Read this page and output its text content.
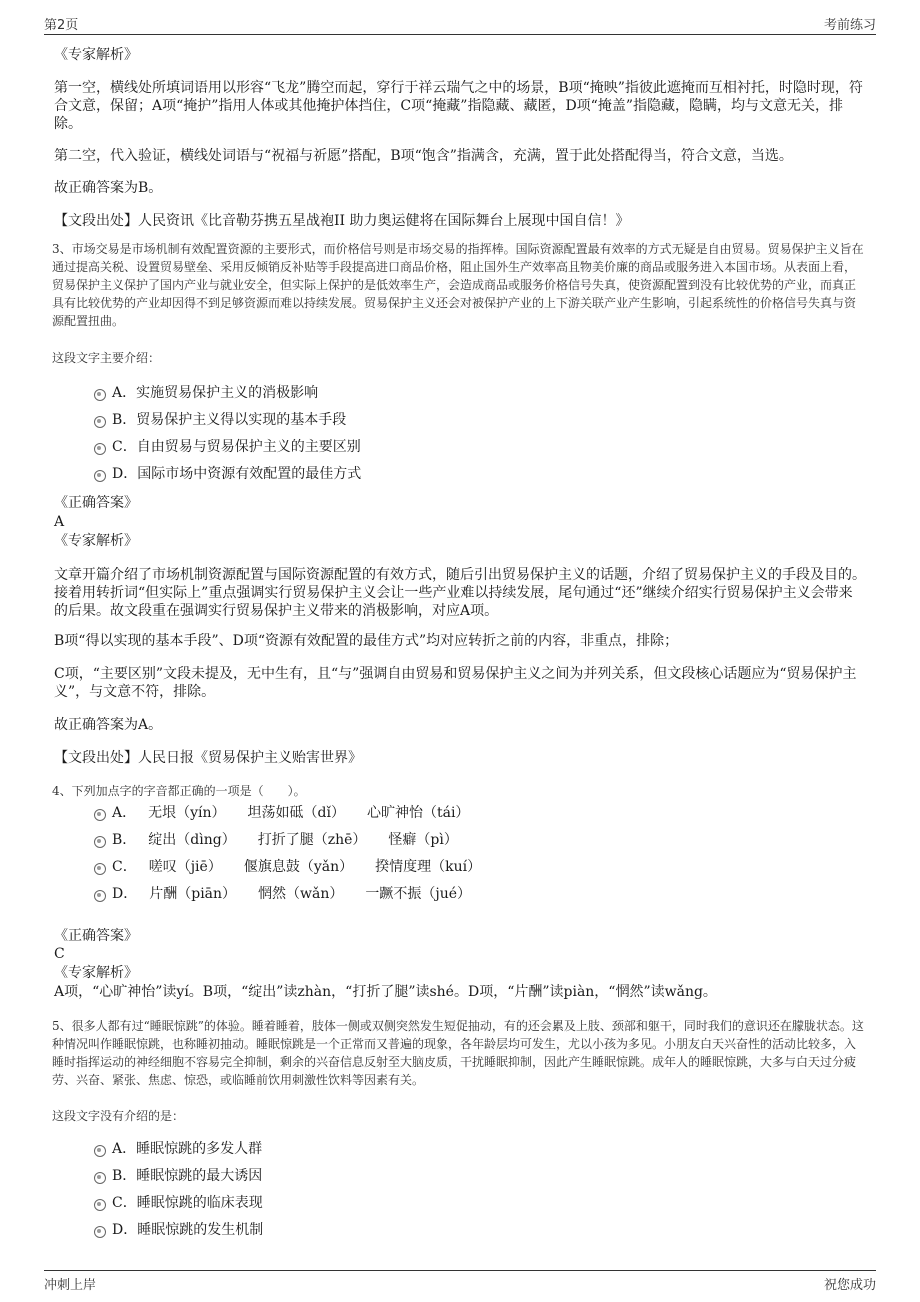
第2页	考前练习

《专家解析》

第一空，横线处所填词语用以形容“飞龙”腾空而起，穿行于祥云瑞气之中的场景，B项“掩映”指彼此遮掩而互相衬托，时隐时现，符合文意，保留；A项“掩护”指用人体或其他掩护体挡住，C项“掩藏”指隐藏、藏匿，D项“掩盖”指隐藏，隐瞒，均与文意无关，排除。

第二空，代入验证，横线处词语与“祝福与祈愿”搭配，B项“饱含”指满含，充满，置于此处搭配得当，符合文意，当选。

故正确答案为B。

【文段出处】人民资讯《比音勒芬携五星战袍II 助力奥运健将在国际舞台上展现中国自信！》

3、市场交易是市场机制有效配置资源的主要形式，而价格信号则是市场交易的指挥棒。国际资源配置最有效率的方式无疑是自由贸易。贸易保护主义旨在通过提高关税、设置贸易壁垒、采用反倾销反补贴等手段提高进口商品价格，阻止国外生产效率高且物美价廉的商品或服务进入本国市场。从表面上看，贸易保护主义保护了国内产业与就业安全，但实际上保护的是低效率生产，会造成商品或服务价格信号失真，使资源配置到没有比较优势的产业，而真正具有比较优势的产业却因得不到足够资源而难以持续发展。贸易保护主义还会对被保护产业的上下游关联产业产生影响，引起系统性的价格信号失真与资源配置扭曲。

这段文字主要介绍：

A．实施贸易保护主义的消极影响
B．贸易保护主义得以实现的基本手段
C．自由贸易与贸易保护主义的主要区别
D．国际市场中资源有效配置的最佳方式

《正确答案》

A

《专家解析》

文章开篇介绍了市场机制资源配置与国际资源配置的有效方式，随后引出贸易保护主义的话题，介绍了贸易保护主义的手段及目的。接着用转折词“但实际上”重点强调实行贸易保护主义会让一些产业难以持续发展，尾句通过“还”继续介绍实行贸易保护主义会带来的后果。故文段重在强调实行贸易保护主义带来的消极影响，对应A项。

B项“得以实现的基本手段”、D项“资源有效配置的最佳方式”均对应转折之前的内容，非重点，排除；

C项，“主要区别”文段未提及，无中生有，且“与”强调自由贸易和贸易保护主义之间为并列关系，但文段核心话题应为“贸易保护主义”，与文意不符，排除。

故正确答案为A。

【文段出处】人民日报《贸易保护主义贻害世界》

4、下列加点字的字音都正确的一项是（　　）。

A． 无垠（yín） 坦荡如砥（dǐ） 心旷神怡（tái）
B． 绽出（dìng） 打折了腿（zhē） 怪癖（pì）
C． 嗟叹（jiē） 偃旗息鼓（yǎn） 揆情度理（kuí）
D． 片酬（piān） 惘然（wǎn） 一蹶不振（jué）

《正确答案》

C

《专家解析》

A项，“心旷神怡”读yí。B项，“绽出”读zhàn，“打折了腿”读shé。D项，“片酬”读piàn，“惘然”读wǎng。

5、很多人都有过“睡眠惊跳”的体验。睡着睡着，肢体一侧或双侧突然发生短促抽动，有的还会累及上肢、颈部和躯干，同时我们的意识还在朦胧状态。这种情况叫作睡眠惊跳，也称睡初抽动。睡眠惊跳是一个正常而又普遍的现象，各年龄层均可发生，尤以小孩为多见。小朋友白天兴奋性的活动比较多，入睡时指挥运动的神经细胞不容易完全抑制，剩余的兴奋信息反射至大脑皮质，干扰睡眠抑制，因此产生睡眠惊跳。成年人的睡眠惊跳，大多与白天过分疲劳、兴奋、紧张、焦虑、惊恐，或临睡前饮用刺激性饮料等因素有关。

这段文字没有介绍的是：

A．睡眠惊跳的多发人群
B．睡眠惊跳的最大诱因
C．睡眠惊跳的临床表现
D．睡眠惊跳的发生机制
冲刺上岸	祝您成功
